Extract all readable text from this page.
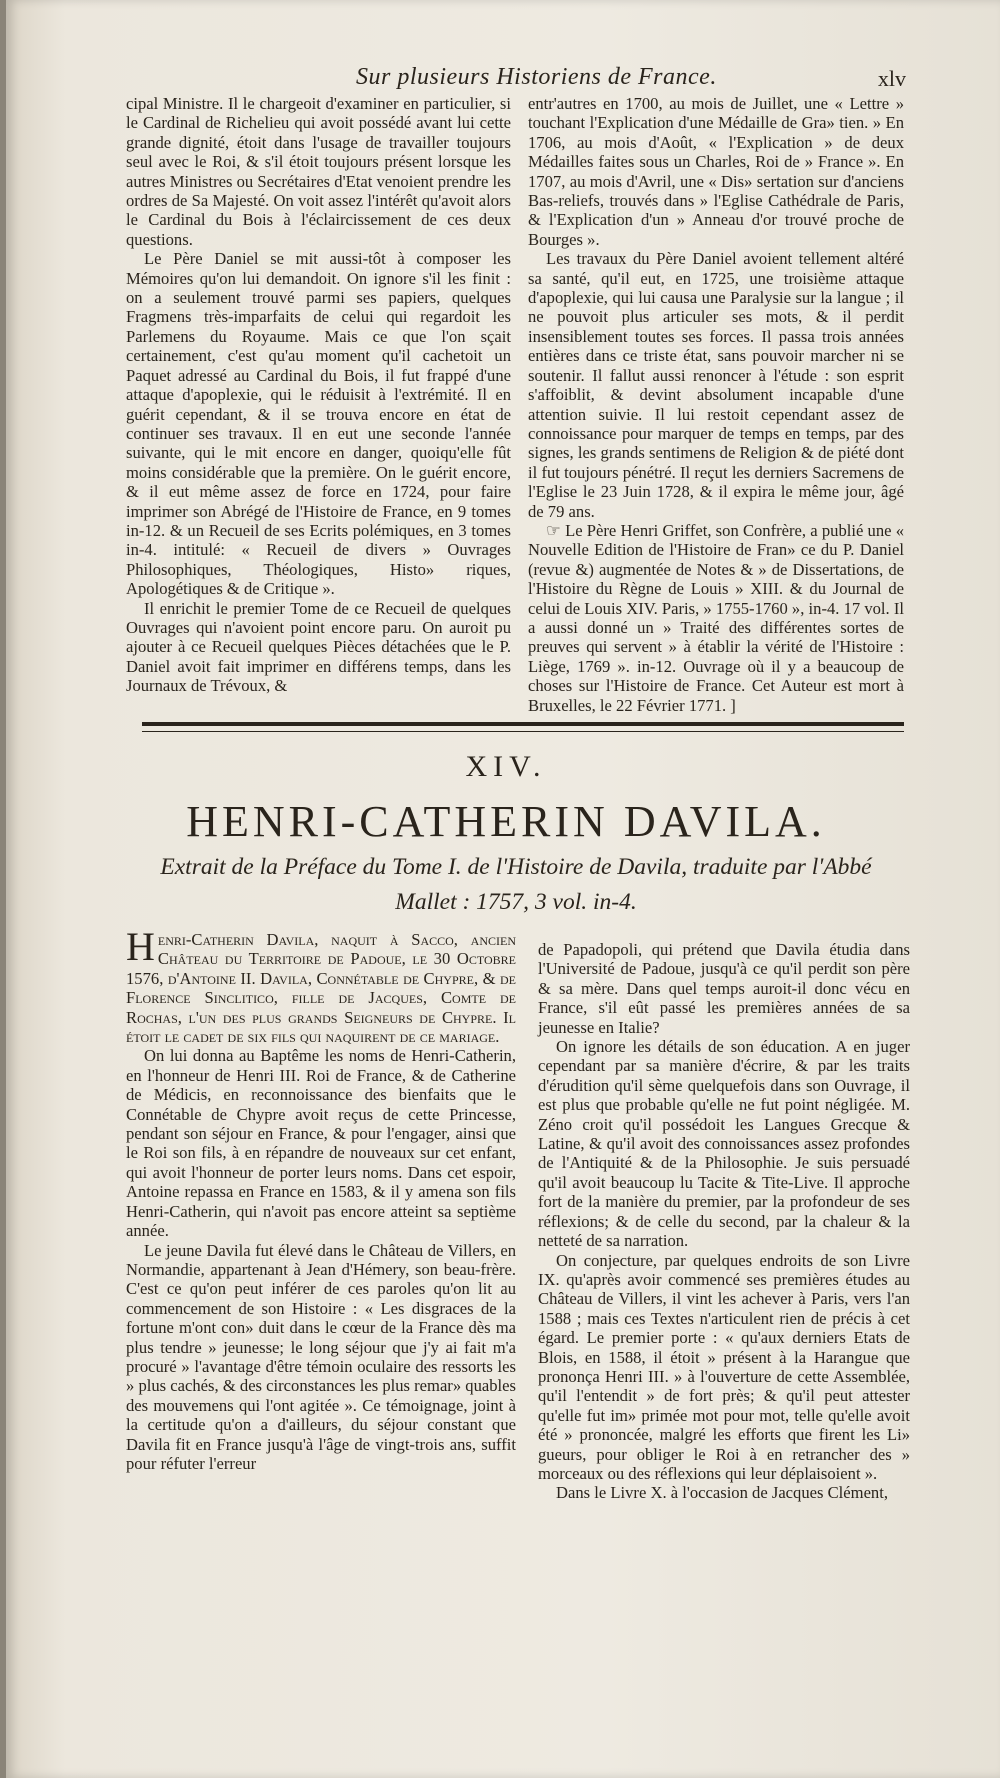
Sur plusieurs Historiens de France.	xlv

cipal Ministre. Il le chargeoit d'examiner en particulier, si le Cardinal de Richelieu qui avoit possédé avant lui cette grande dignité, étoit dans l'usage de travailler toujours seul avec le Roi, & s'il étoit toujours présent lorsque les autres Ministres ou Secrétaires d'Etat venoient prendre les ordres de Sa Majesté. On voit assez l'intérêt qu'avoit alors le Cardinal du Bois à l'éclaircissement de ces deux questions.

Le Père Daniel se mit aussi-tôt à composer les Mémoires qu'on lui demandoit. On ignore s'il les finit : on a seulement trouvé parmi ses papiers, quelques Fragmens très-imparfaits de celui qui regardoit les Parlemens du Royaume. Mais ce que l'on sçait certainement, c'est qu'au moment qu'il cachetoit un Paquet adressé au Cardinal du Bois, il fut frappé d'une attaque d'apoplexie, qui le réduisit à l'extrémité. Il en guérit cependant, & il se trouva encore en état de continuer ses travaux. Il en eut une seconde l'année suivante, qui le mit encore en danger, quoiqu'elle fût moins considérable que la première. On le guérit encore, & il eut même assez de force en 1724, pour faire imprimer son Abrégé de l'Histoire de France, en 9 tomes in-12. & un Recueil de ses Ecrits polémiques, en 3 tomes in-4. intitulé: « Recueil de divers » Ouvrages Philosophiques, Théologiques, Histo» riques, Apologétiques & de Critique ».

Il enrichit le premier Tome de ce Recueil de quelques Ouvrages qui n'avoient point encore paru. On auroit pu ajouter à ce Recueil quelques Pièces détachées que le P. Daniel avoit fait imprimer en différens temps, dans les Journaux de Trévoux, &

entr'autres en 1700, au mois de Juillet, une « Lettre » touchant l'Explication d'une Médaille de Gra» tien. » En 1706, au mois d'Août, « l'Explication » de deux Médailles faites sous un Charles, Roi de » France ». En 1707, au mois d'Avril, une « Dis» sertation sur d'anciens Bas-reliefs, trouvés dans » l'Eglise Cathédrale de Paris, & l'Explication d'un » Anneau d'or trouvé proche de Bourges ».

Les travaux du Père Daniel avoient tellement altéré sa santé, qu'il eut, en 1725, une troisième attaque d'apoplexie, qui lui causa une Paralysie sur la langue ; il ne pouvoit plus articuler ses mots, & il perdit insensiblement toutes ses forces. Il passa trois années entières dans ce triste état, sans pouvoir marcher ni se soutenir. Il fallut aussi renoncer à l'étude : son esprit s'affoiblit, & devint absolument incapable d'une attention suivie. Il lui restoit cependant assez de connoissance pour marquer de temps en temps, par des signes, les grands sentimens de Religion & de piété dont il fut toujours pénétré. Il reçut les derniers Sacremens de l'Eglise le 23 Juin 1728, & il expira le même jour, âgé de 79 ans.

☞ Le Père Henri Griffet, son Confrère, a publié une « Nouvelle Edition de l'Histoire de Fran» ce du P. Daniel (revue &) augmentée de Notes & » de Dissertations, de l'Histoire du Règne de Louis » XIII. & du Journal de celui de Louis XIV. Paris, » 1755-1760 », in-4. 17 vol. Il a aussi donné un » Traité des différentes sortes de preuves qui servent » à établir la vérité de l'Histoire : Liège, 1769 ». in-12. Ouvrage où il y a beaucoup de choses sur l'Histoire de France. Cet Auteur est mort à Bruxelles, le 22 Février 1771. ]

XIV.
HENRI-CATHERIN DAVILA.
Extrait de la Préface du Tome I. de l'Histoire de Davila, traduite par l'Abbé
Mallet : 1757, 3 vol. in-4.

Henri-Catherin Davila, naquit à Sacco, ancien Château du Territoire de Padoue, le 30 Octobre 1576, d'Antoine II. Davila, Connétable de Chypre, & de Florence Sinclitico, fille de Jacques, Comte de Rochas, l'un des plus grands Seigneurs de Chypre. Il étoit le cadet de six fils qui naquirent de ce mariage.

On lui donna au Baptême les noms de Henri-Catherin, en l'honneur de Henri III. Roi de France, & de Catherine de Médicis, en reconnoissance des bienfaits que le Connétable de Chypre avoit reçus de cette Princesse, pendant son séjour en France, & pour l'engager, ainsi que le Roi son fils, à en répandre de nouveaux sur cet enfant, qui avoit l'honneur de porter leurs noms. Dans cet espoir, Antoine repassa en France en 1583, & il y amena son fils Henri-Catherin, qui n'avoit pas encore atteint sa septième année.

Le jeune Davila fut élevé dans le Château de Villers, en Normandie, appartenant à Jean d'Hémery, son beau-frère. C'est ce qu'on peut inférer de ces paroles qu'on lit au commencement de son Histoire : « Les disgraces de la fortune m'ont con» duit dans le cœur de la France dès ma plus tendre » jeunesse; le long séjour que j'y ai fait m'a procuré » l'avantage d'être témoin oculaire des ressorts les » plus cachés, & des circonstances les plus remar» quables des mouvemens qui l'ont agitée ». Ce témoignage, joint à la certitude qu'on a d'ailleurs, du séjour constant que Davila fit en France jusqu'à l'âge de vingt-trois ans, suffit pour réfuter l'erreur

de Papadopoli, qui prétend que Davila étudia dans l'Université de Padoue, jusqu'à ce qu'il perdit son père & sa mère. Dans quel temps auroit-il donc vécu en France, s'il eût passé les premières années de sa jeunesse en Italie?

On ignore les détails de son éducation. A en juger cependant par sa manière d'écrire, & par les traits d'érudition qu'il sème quelquefois dans son Ouvrage, il est plus que probable qu'elle ne fut point négligée. M. Zéno croit qu'il possédoit les Langues Grecque & Latine, & qu'il avoit des connoissances assez profondes de l'Antiquité & de la Philosophie. Je suis persuadé qu'il avoit beaucoup lu Tacite & Tite-Live. Il approche fort de la manière du premier, par la profondeur de ses réflexions; & de celle du second, par la chaleur & la netteté de sa narration.

On conjecture, par quelques endroits de son Livre IX. qu'après avoir commencé ses premières études au Château de Villers, il vint les achever à Paris, vers l'an 1588 ; mais ces Textes n'articulent rien de précis à cet égard. Le premier porte : « qu'aux derniers Etats de Blois, en 1588, il étoit » présent à la Harangue que prononça Henri III. » à l'ouverture de cette Assemblée, qu'il l'entendit » de fort près; & qu'il peut attester qu'elle fut im» primée mot pour mot, telle qu'elle avoit été » prononcée, malgré les efforts que firent les Li» gueurs, pour obliger le Roi à en retrancher des » morceaux ou des réflexions qui leur déplaisoient ».

Dans le Livre X. à l'occasion de Jacques Clément,
